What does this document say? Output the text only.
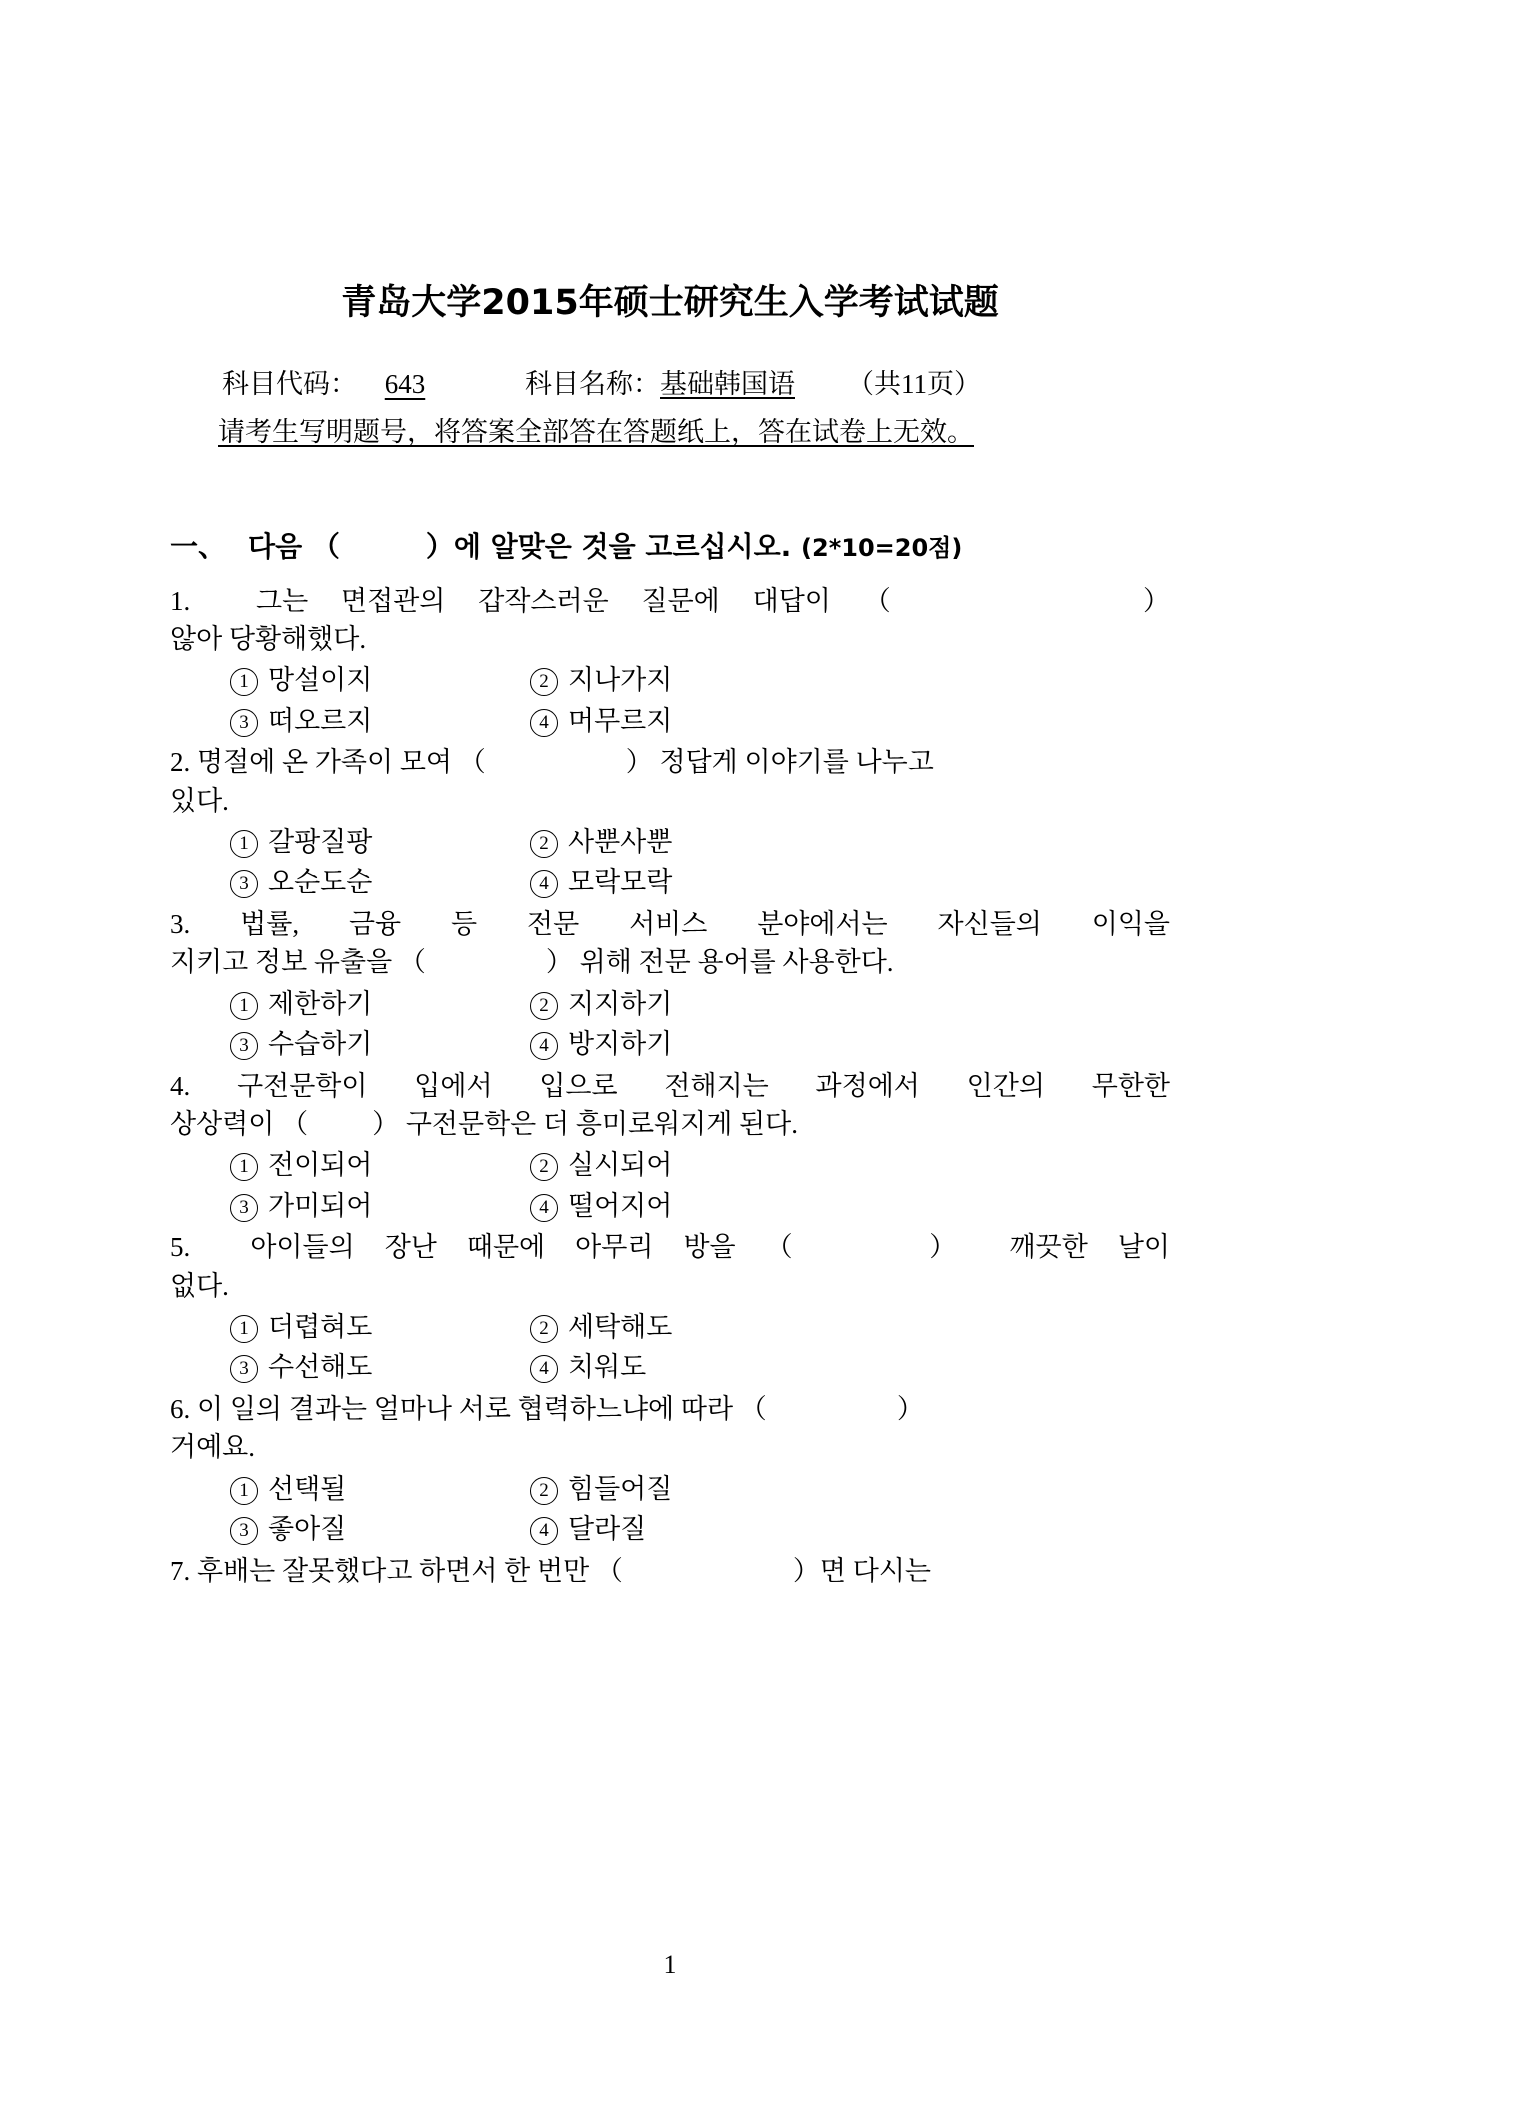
青岛大学2015年硕士研究生入学考试试题
科目代码： 643	科目名称：基础韩国语 （共11页）
请考生写明题号，将答案全部答在答题纸上，答在试卷上无效。
一、 다음 （	）에 알맞은 것을 고르십시오. (2*10=20점)
1. 그는 면접관의 갑작스러운 질문에 대답이 （	）
않아 당황해했다.
1 망설이지	2 지나가지
3 떠오르지	4 머무르지
2. 명절에 온 가족이 모여 （	） 정답게 이야기를 나누고
있다.
1 갈팡질팡	2 사뿐사뿐
3 오순도순	4 모락모락
3. 법률, 금융 등 전문 서비스 분야에서는 자신들의 이익을
지키고 정보 유출을 （	） 위해 전문 용어를 사용한다.
1 제한하기	2 지지하기
3 수습하기	4 방지하기
4. 구전문학이 입에서 입으로 전해지는 과정에서 인간의 무한한
상상력이 （ ） 구전문학은 더 흥미로워지게 된다.
1 전이되어	2 실시되어
3 가미되어	4 떨어지어
5. 아이들의 장난 때문에 아무리 방을 （	） 깨끗한 날이
없다.
1 더렵혀도	2 세탁해도
3 수선해도	4 치워도
6. 이 일의 결과는 얼마나 서로 협력하느냐에 따라 （	）
거예요.
1 선택될	2 힘들어질
3 좋아질	4 달라질
7. 후배는 잘못했다고 하면서 한 번만 （	）면 다시는
1
